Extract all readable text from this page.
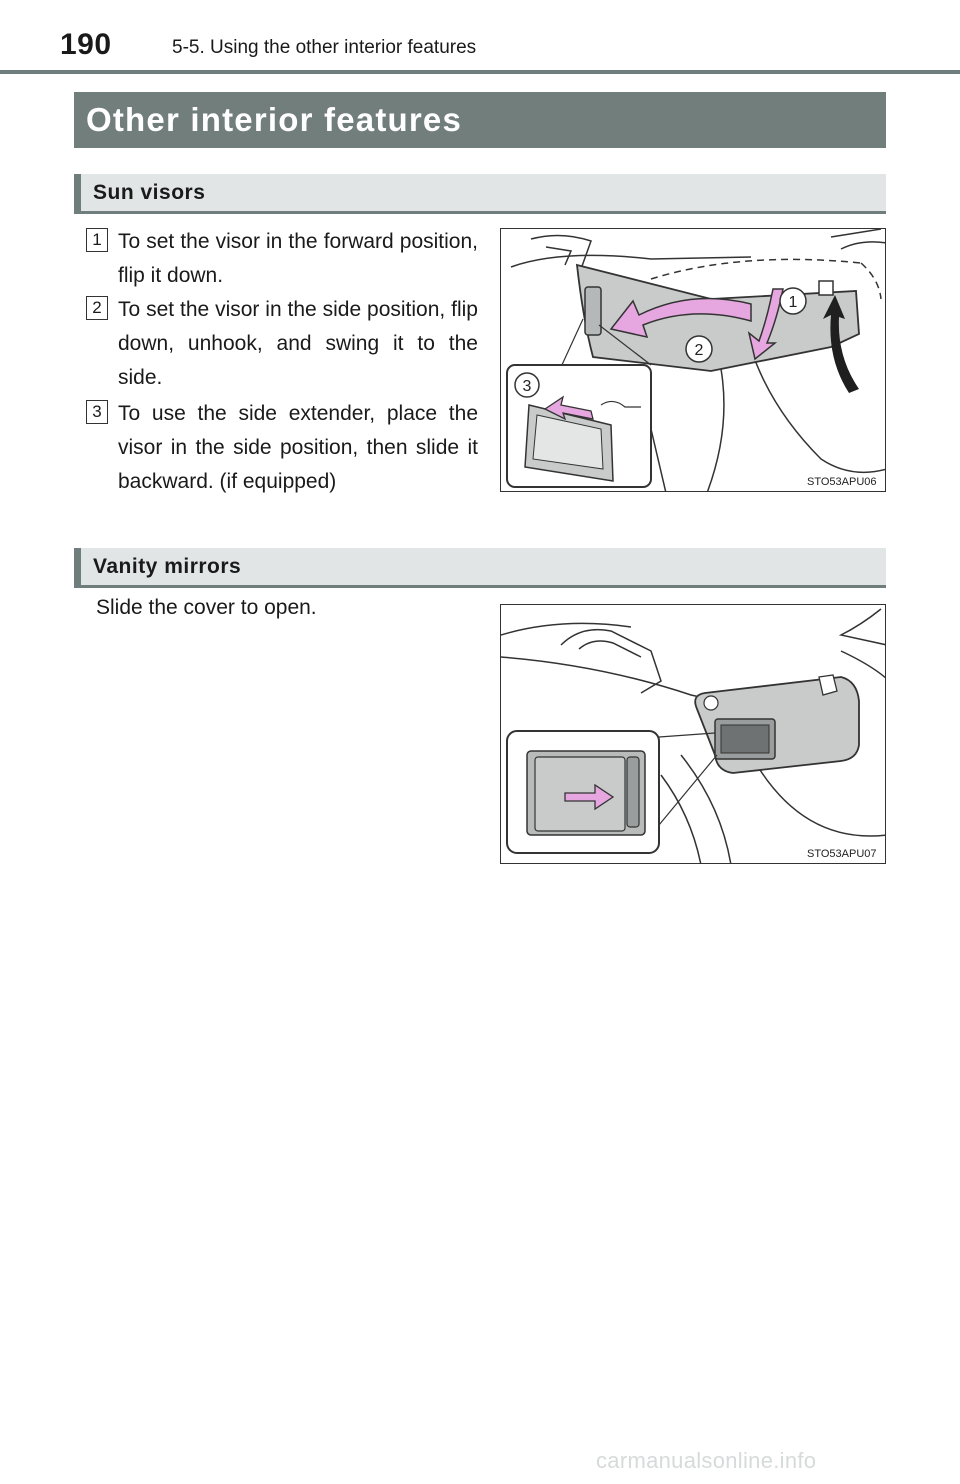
190	5-5. Using the other interior features
Other interior features
Sun visors
1 To set the visor in the forward position, flip it down.
2 To set the visor in the side position, flip down, unhook, and swing it to the side.
3 To use the side extender, place the visor in the side position, then slide it backward. (if equipped)
1
2
3
STO53APU06
Vanity mirrors
Slide the cover to open.
STO53APU07
carmanualsonline.info
